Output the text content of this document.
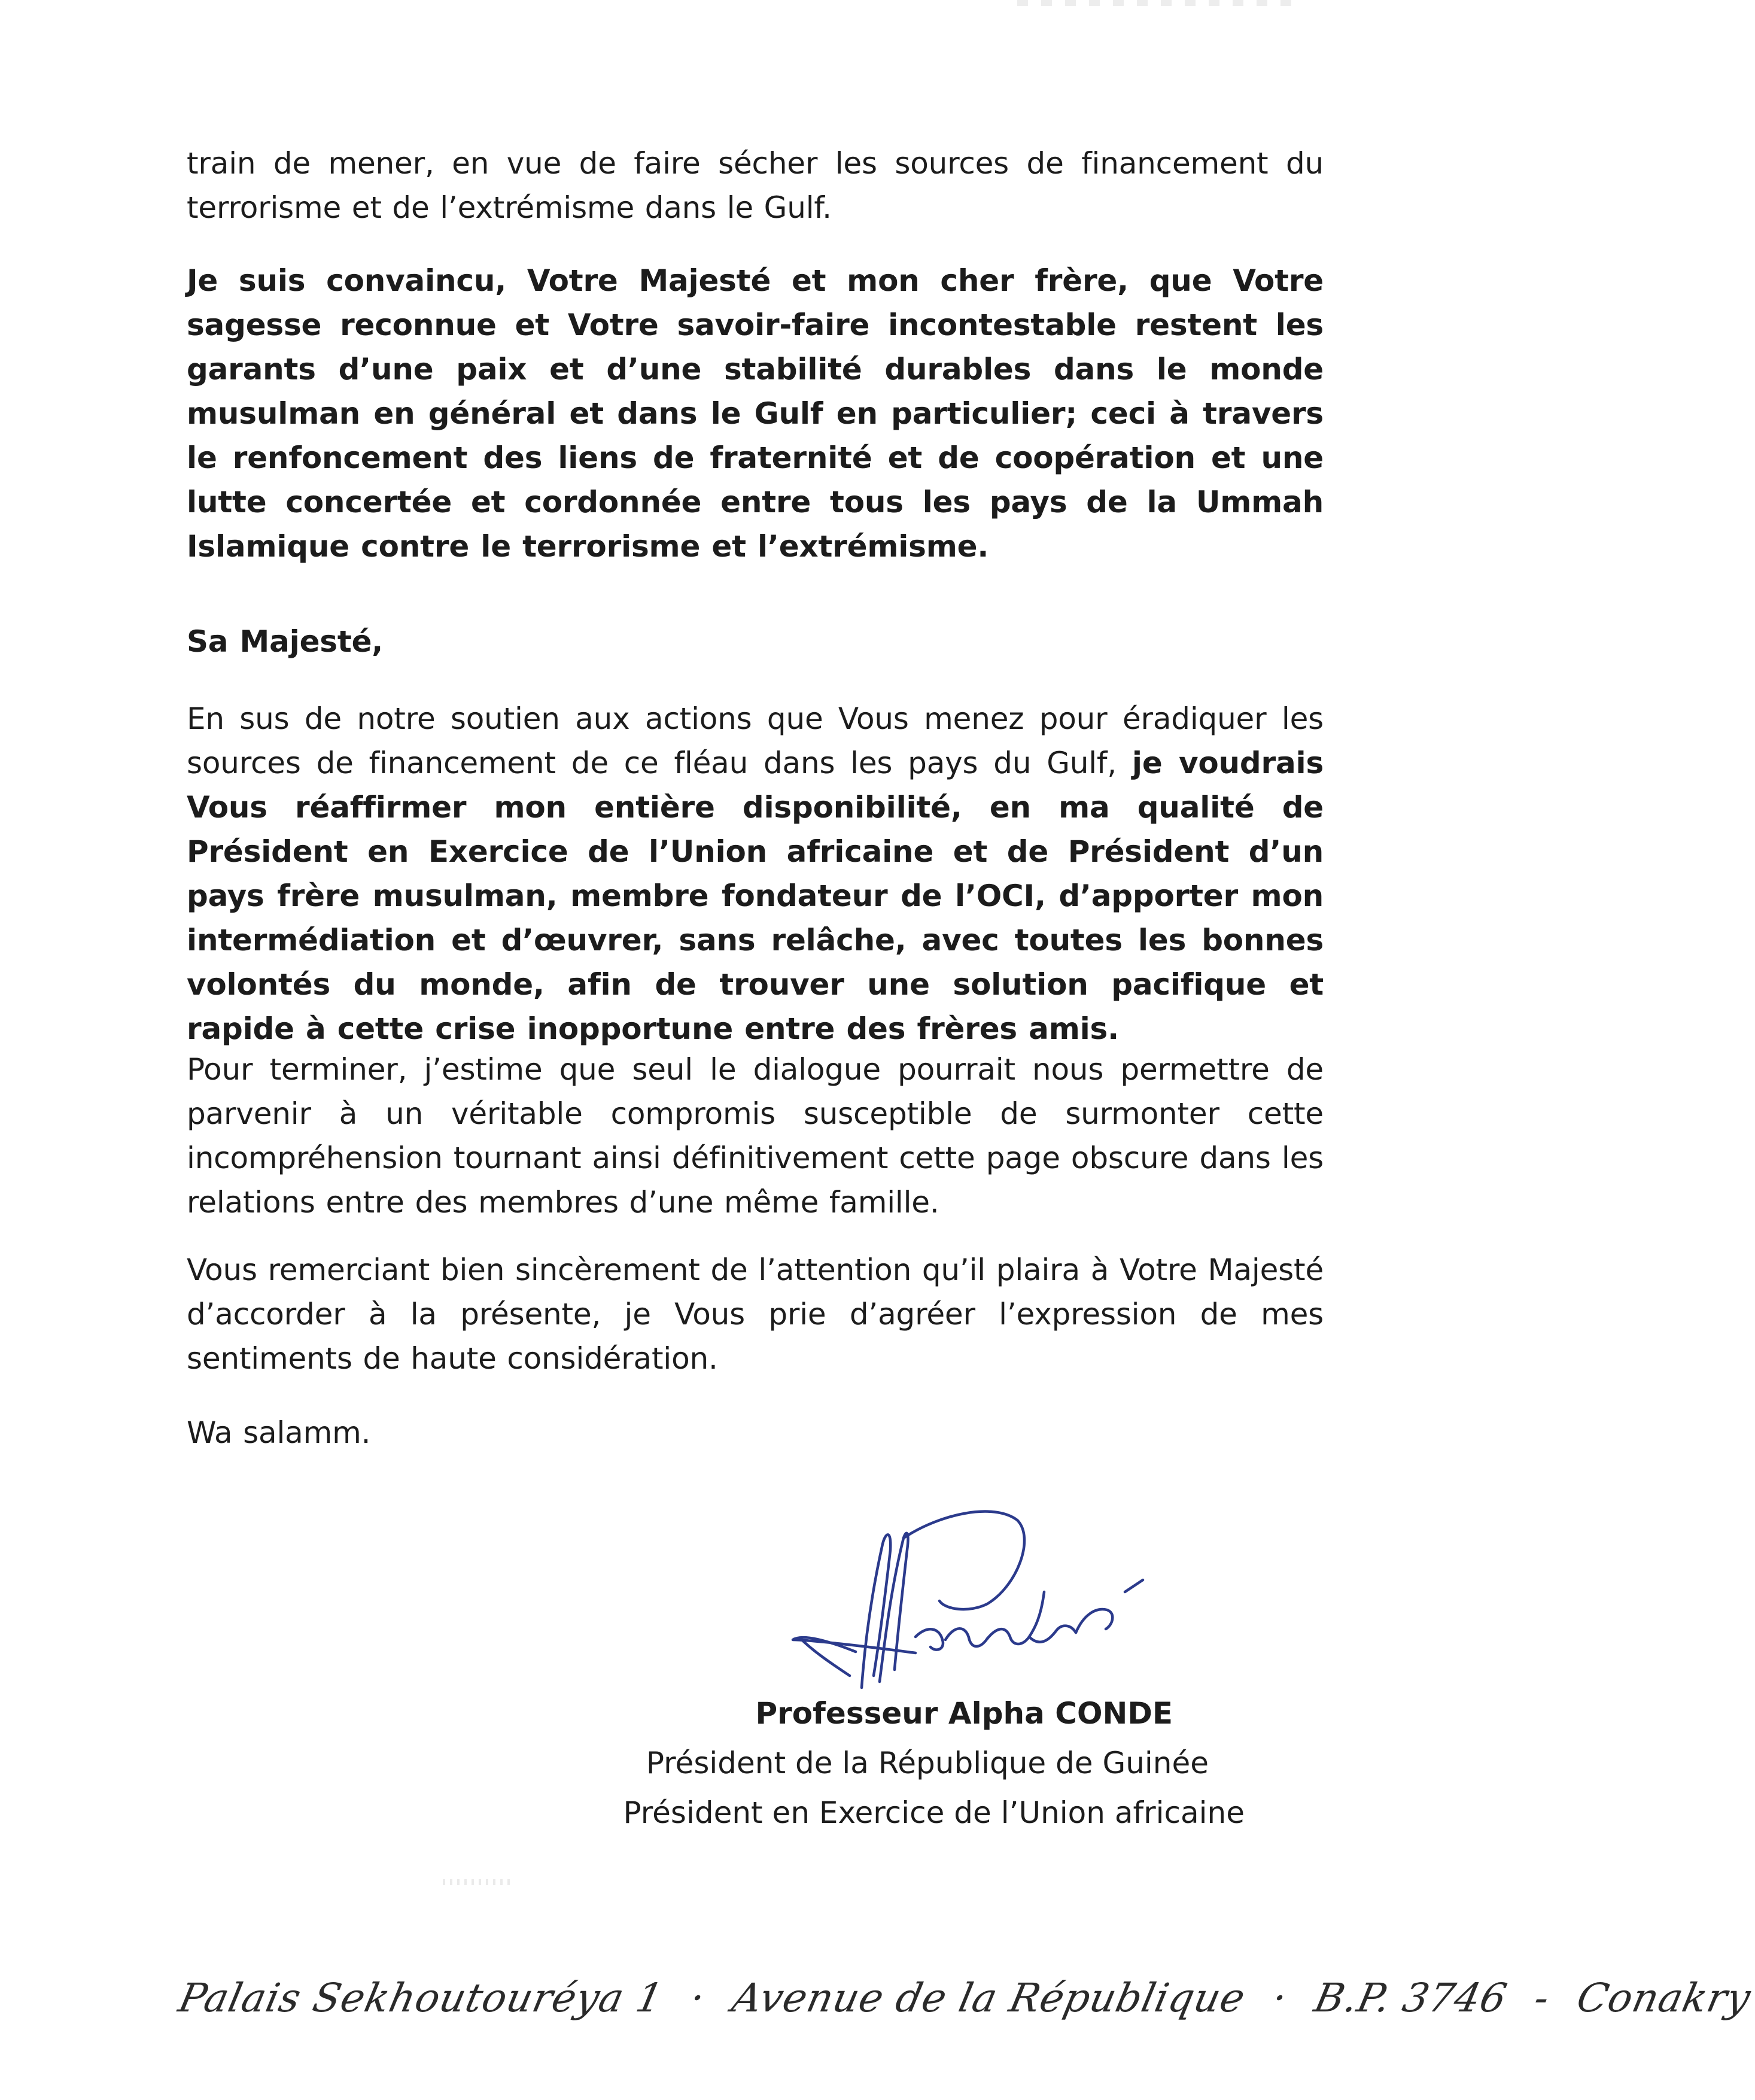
train de mener, en vue de faire sécher les sources de financement du terrorisme et de l’extrémisme dans le Gulf.

Je suis convaincu, Votre Majesté et mon cher frère, que Votre sagesse reconnue et Votre savoir-faire incontestable restent les garants d’une paix et d’une stabilité durables dans le monde musulman en général et dans le Gulf en particulier; ceci à travers le renfoncement des liens de fraternité et de coopération et une lutte concertée et cordonnée entre tous les pays de la Ummah Islamique contre le terrorisme et l’extrémisme.

Sa Majesté,

En sus de notre soutien aux actions que Vous menez pour éradiquer les sources de financement de ce fléau dans les pays du Gulf, je voudrais Vous réaffirmer mon entière disponibilité, en ma qualité de Président en Exercice de l’Union africaine et de Président d’un pays frère musulman, membre fondateur de l’OCI, d’apporter mon intermédiation et d’œuvrer, sans relâche, avec toutes les bonnes volontés du monde, afin de trouver une solution pacifique et rapide à cette crise inopportune entre des frères amis.

Pour terminer, j’estime que seul le dialogue pourrait nous permettre de parvenir à un véritable compromis susceptible de surmonter cette incompréhension tournant ainsi définitivement cette page obscure dans les relations entre des membres d’une même famille.

Vous remerciant bien sincèrement de l’attention qu’il plaira à Votre Majesté d’accorder à la présente, je Vous prie d’agréer l’expression de mes sentiments de haute considération.

Wa salamm.

Professeur Alpha CONDE
Président de la République de Guinée
Président en Exercice de l’Union africaine
Palais Sekhoutouréya 1 · Avenue de la République · B.P. 3746 - Conakry
